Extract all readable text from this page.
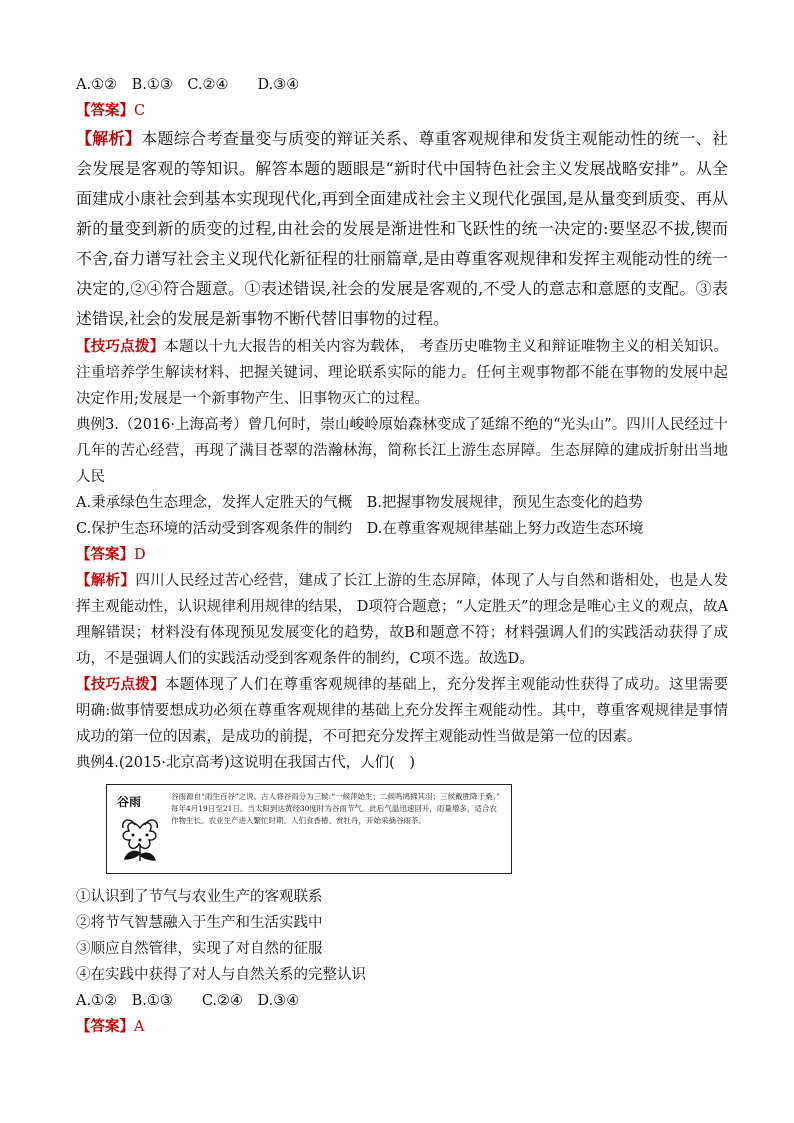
A.①②　B.①③　C.②④　　D.③④

【答案】C

【解析】本题综合考查量变与质变的辩证关系、尊重客观规律和发货主观能动性的统一、社会发展是客观的等知识。解答本题的题眼是“新时代中国特色社会主义发展战略安排”。从全面建成小康社会到基本实现现代化,再到全面建成社会主义现代化强国,是从量变到质变、再从新的量变到新的质变的过程,由社会的发展是渐进性和飞跃性的统一决定的:要坚忍不拔,锲而不舍,奋力谱写社会主义现代化新征程的壮丽篇章,是由尊重客观规律和发挥主观能动性的统一决定的,②④符合题意。①表述错误,社会的发展是客观的,不受人的意志和意愿的支配。③表述错误,社会的发展是新事物不断代替旧事物的过程。

【技巧点拨】本题以十九大报告的相关内容为载体， 考查历史唯物主义和辩证唯物主义的相关知识。注重培养学生解读材料、把握关键词、理论联系实际的能力。任何主观事物都不能在事物的发展中起决定作用;发展是一个新事物产生、旧事物灭亡的过程。

典例3.（2016·上海高考）曾几何时，崇山峻岭原始森林变成了延绵不绝的“光头山”。四川人民经过十几年的苦心经营，再现了满目苍翠的浩瀚林海，简称长江上游生态屏障。生态屏障的建成折射出当地人民

A.秉承绿色生态理念，发挥人定胜天的气概　B.把握事物发展规律，预见生态变化的趋势

C.保护生态环境的活动受到客观条件的制约　D.在尊重客观规律基础上努力改造生态环境

【答案】D

【解析】四川人民经过苦心经营，建成了长江上游的生态屏障，体现了人与自然和谐相处，也是人发挥主观能动性，认识规律利用规律的结果， D项符合题意；“人定胜天”的理念是唯心主义的观点，故A理解错误；材料没有体现预见发展变化的趋势，故B和题意不符；材料强调人们的实践活动获得了成功，不是强调人们的实践活动受到客观条件的制约，C项不选。故选D。

【技巧点拨】本题体现了人们在尊重客观规律的基础上，充分发挥主观能动性获得了成功。这里需要明确:做事情要想成功必须在尊重客观规律的基础上充分发挥主观能动性。其中，尊重客观规律是事情成功的第一位的因素，是成功的前提，不可把充分发挥主观能动性当做是第一位的因素。

典例4.(2015·北京高考)这说明在我国古代，人们(　)

谷雨	谷雨源自“雨生百谷”之说。古人将谷雨分为三候:“一候萍始生；二候鸣鸠拂其羽；三候戴胜降于桑。”

每年4月19日至21日。当太阳到达黄经30度时为谷雨节气。此后气温迅速回升，雨量增多，适合农作物生长。农业生产进入繁忙时期。人们食香椿、赏牡丹，开始采摘谷雨茶。

①认识到了节气与农业生产的客观联系

②将节气智慧融入于生产和生活实践中

③顺应自然管律，实现了对自然的征服

④在实践中获得了对人与自然关系的完整认识

A.①②　B.①③　　C.②④　D.③④

【答案】A
